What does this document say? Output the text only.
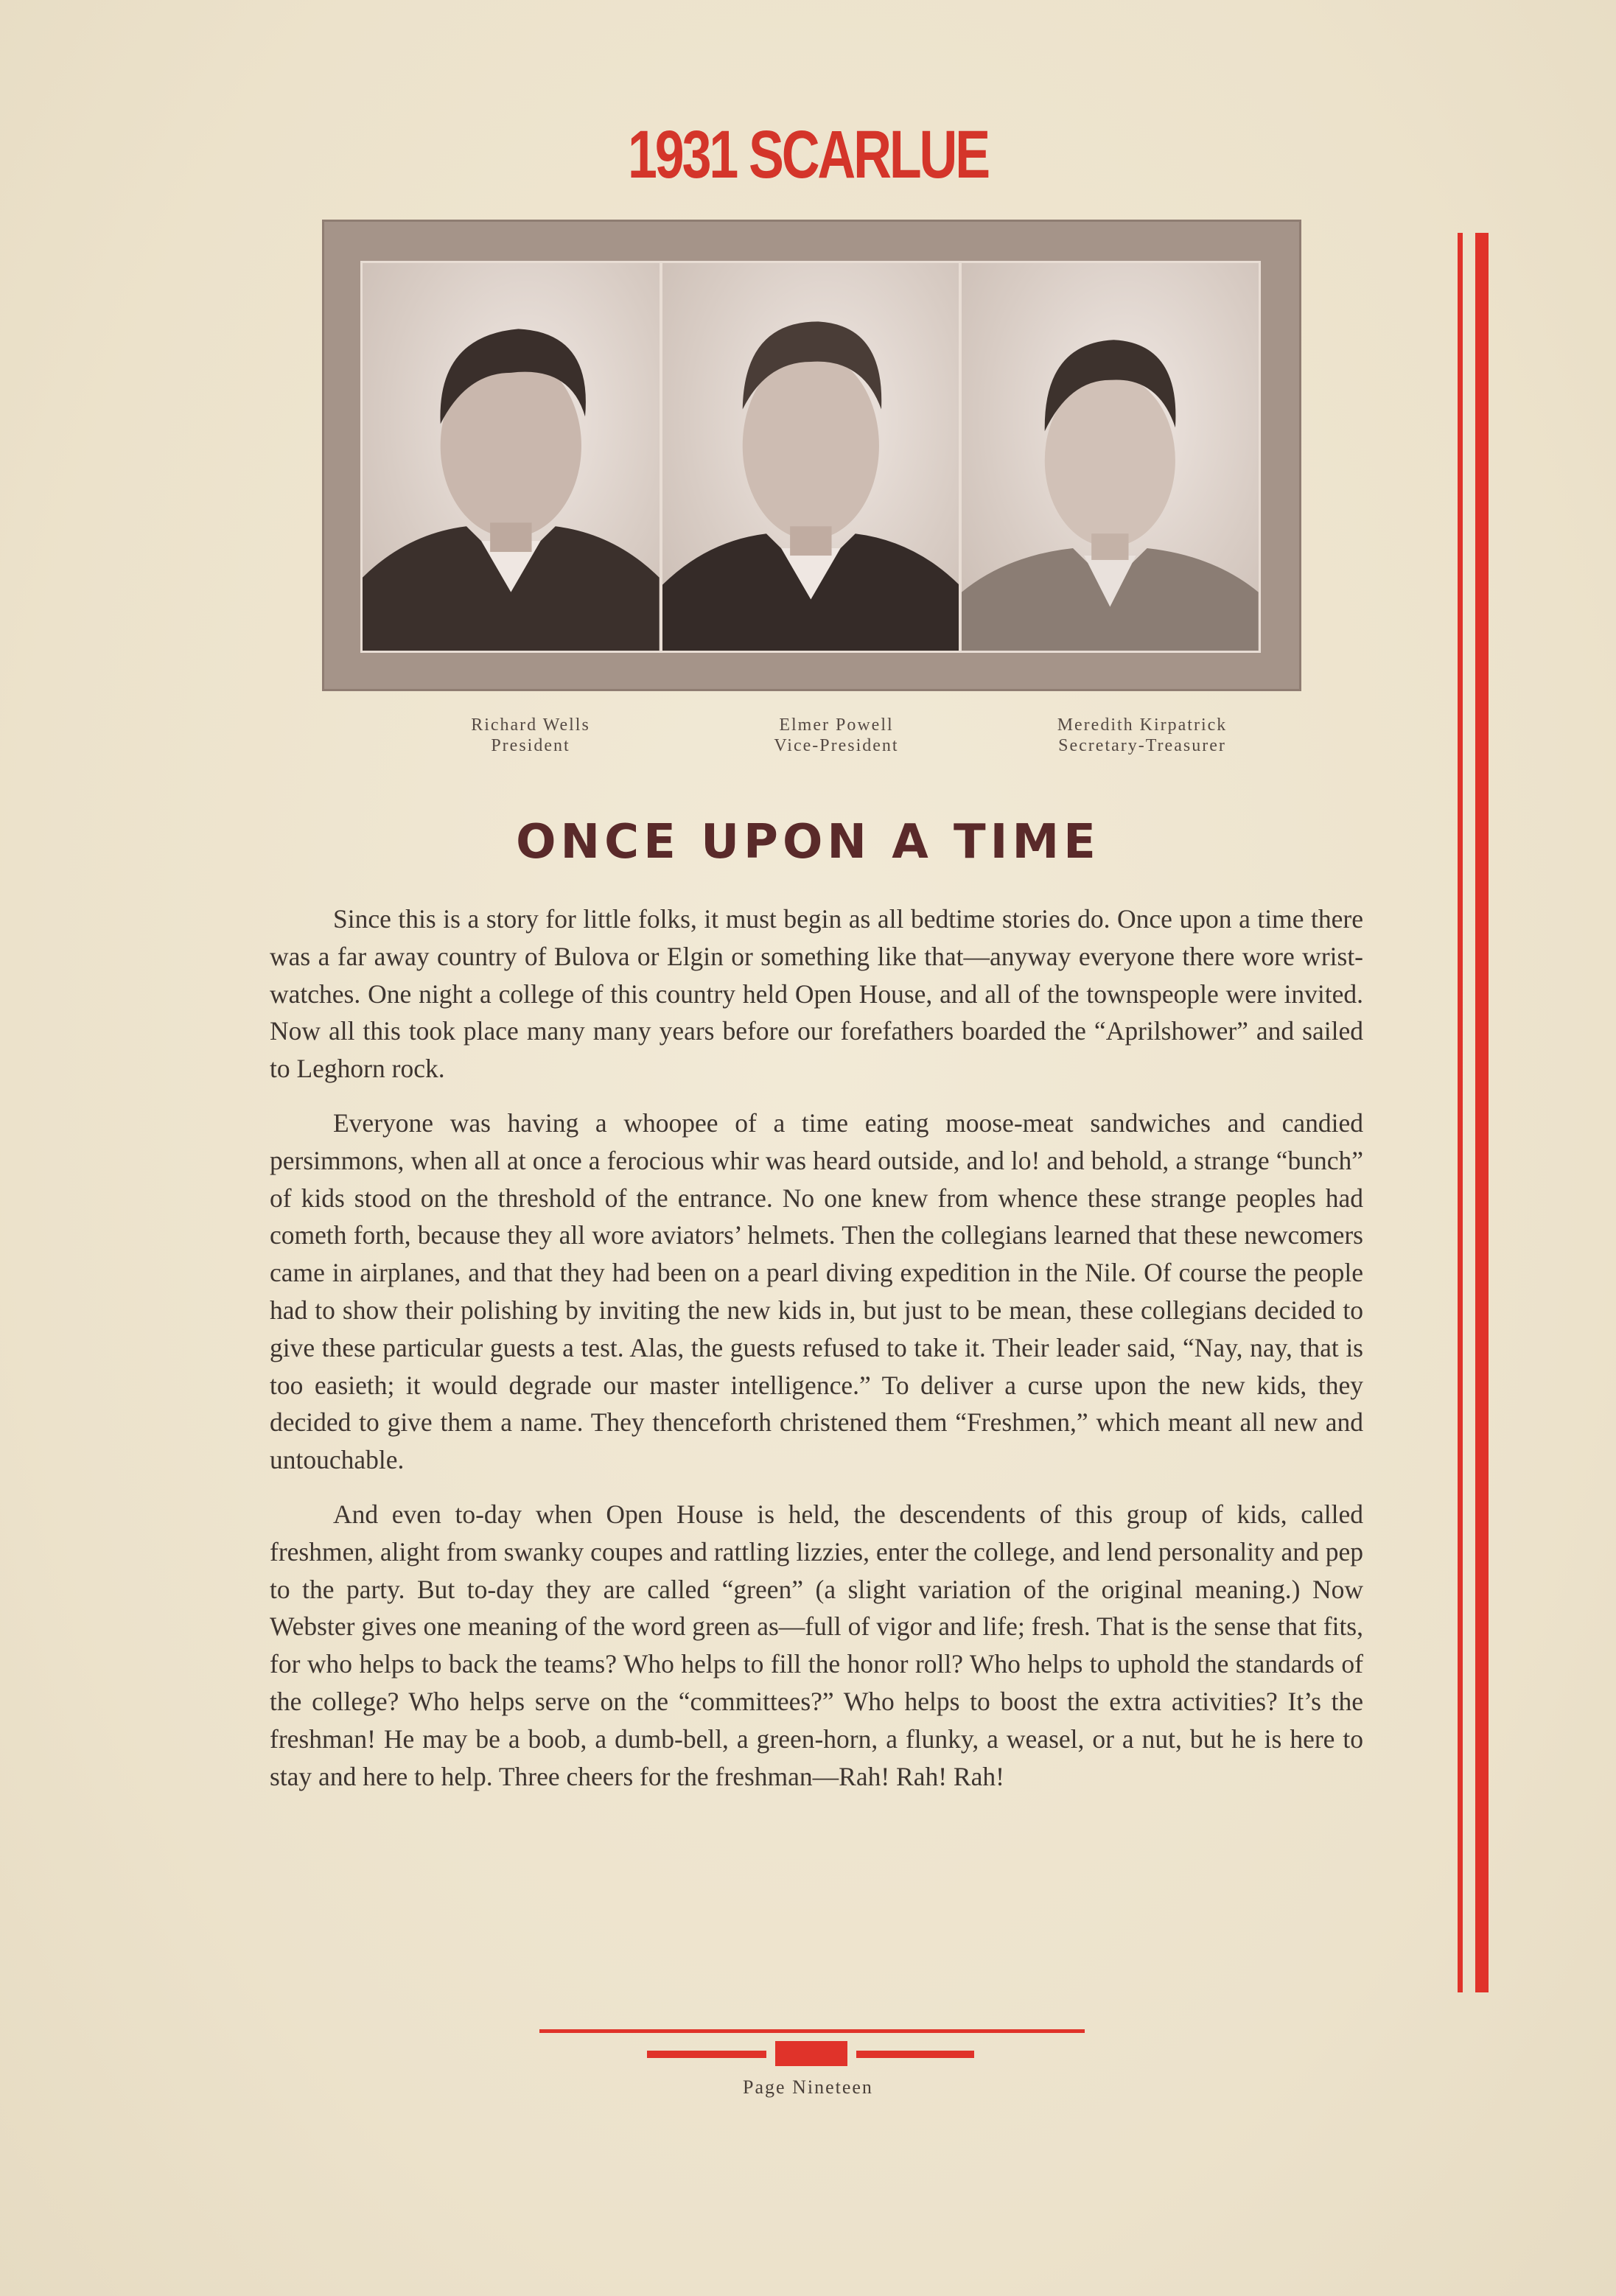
1931 SCARLUE
Richard Wells
President
Elmer Powell
Vice-President
Meredith Kirpatrick
Secretary-Treasurer
ONCE UPON A TIME

Since this is a story for little folks, it must begin as all bedtime stories do. Once upon a time there was a far away country of Bulova or Elgin or something like that—anyway everyone there wore wrist-watches. One night a college of this country held Open House, and all of the townspeople were invited. Now all this took place many many years before our forefathers boarded the “Aprilshower” and sailed to Leghorn rock.

Everyone was having a whoopee of a time eating moose-meat sandwiches and candied persimmons, when all at once a ferocious whir was heard outside, and lo! and behold, a strange “bunch” of kids stood on the threshold of the entrance. No one knew from whence these strange peoples had cometh forth, because they all wore aviators’ helmets. Then the collegians learned that these newcomers came in airplanes, and that they had been on a pearl diving expedition in the Nile. Of course the people had to show their polishing by inviting the new kids in, but just to be mean, these collegians decided to give these particular guests a test. Alas, the guests refused to take it. Their leader said, “Nay, nay, that is too easieth; it would degrade our master intelligence.” To deliver a curse upon the new kids, they decided to give them a name. They thenceforth christened them “Freshmen,” which meant all new and untouchable.

And even to-day when Open House is held, the descendents of this group of kids, called freshmen, alight from swanky coupes and rattling lizzies, enter the college, and lend personality and pep to the party. But to-day they are called “green” (a slight variation of the original meaning.) Now Webster gives one meaning of the word green as—full of vigor and life; fresh. That is the sense that fits, for who helps to back the teams? Who helps to fill the honor roll? Who helps to uphold the standards of the college? Who helps serve on the “committees?” Who helps to boost the extra activities? It’s the freshman! He may be a boob, a dumb-bell, a green-horn, a flunky, a weasel, or a nut, but he is here to stay and here to help. Three cheers for the freshman—Rah! Rah! Rah!

Page Nineteen
